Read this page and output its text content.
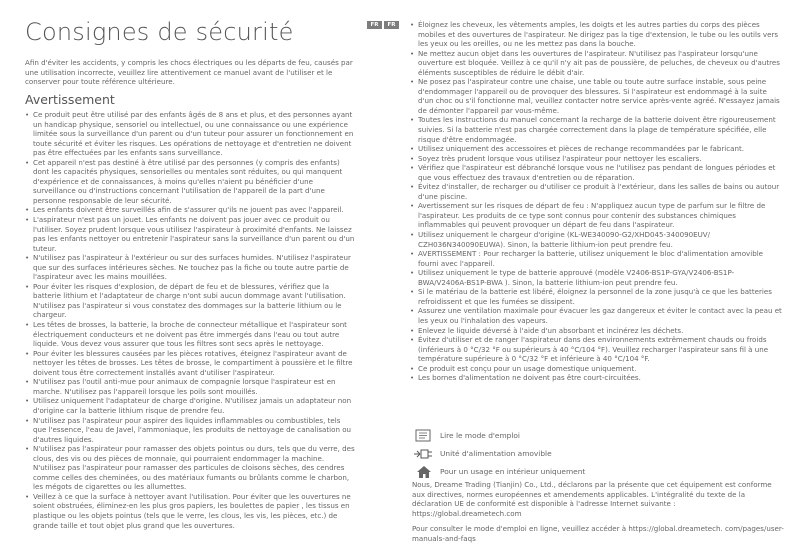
Consignes de sécurité

Afin d'éviter les accidents, y compris les chocs électriques ou les départs de feu, causés par une utilisation incorrecte, veuillez lire attentivement ce manuel avant de l'utiliser et le conserver pour toute référence ultérieure.

Avertissement
• Ce produit peut être utilisé par des enfants âgés de 8 ans et plus, et des personnes ayant un handicap physique, sensoriel ou intellectuel, ou une connaissance ou une expérience limitée sous la surveillance d'un parent ou d'un tuteur pour assurer un fonctionnement en toute sécurité et éviter les risques. Les opérations de nettoyage et d'entretien ne doivent pas être effectuées par les enfants sans surveillance.
• Cet appareil n'est pas destiné à être utilisé par des personnes (y compris des enfants) dont les capacités physiques, sensorielles ou mentales sont réduites, ou qui manquent d'expérience et de connaissances, à moins qu'elles n'aient pu bénéficier d'une surveillance ou d'instructions concernant l'utilisation de l'appareil de la part d'une personne responsable de leur sécurité.
• Les enfants doivent être surveillés afin de s'assurer qu'ils ne jouent pas avec l'appareil.
• L'aspirateur n'est pas un jouet. Les enfants ne doivent pas jouer avec ce produit ou l'utiliser. Soyez prudent lorsque vous utilisez l'aspirateur à proximité d'enfants. Ne laissez pas les enfants nettoyer ou entretenir l'aspirateur sans la surveillance d'un parent ou d'un tuteur.
• N'utilisez pas l'aspirateur à l'extérieur ou sur des surfaces humides. N'utilisez l'aspirateur que sur des surfaces intérieures sèches. Ne touchez pas la fiche ou toute autre partie de l'aspirateur avec les mains mouillées.
• Pour éviter les risques d'explosion, de départ de feu et de blessures, vérifiez que la batterie lithium et l'adaptateur de charge n'ont subi aucun dommage avant l'utilisation. N'utilisez pas l'aspirateur si vous constatez des dommages sur la batterie lithium ou le chargeur.
• Les têtes de brosses, la batterie, la broche de connecteur métallique et l'aspirateur sont électriquement conducteurs et ne doivent pas être immergés dans l'eau ou tout autre liquide. Vous devez vous assurer que tous les filtres sont secs après le nettoyage.
• Pour éviter les blessures causées par les pièces rotatives, éteignez l'aspirateur avant de nettoyer les têtes de brosses. Les têtes de brosse, le compartiment à poussière et le filtre doivent tous être correctement installés avant d'utiliser l'aspirateur.
• N'utilisez pas l'outil anti-mue pour animaux de compagnie lorsque l'aspirateur est en marche. N'utilisez pas l'appareil lorsque les poils sont mouillés.
• Utilisez uniquement l'adaptateur de charge d'origine. N'utilisez jamais un adaptateur non d'origine car la batterie lithium risque de prendre feu.
• N'utilisez pas l'aspirateur pour aspirer des liquides inflammables ou combustibles, tels que l'essence, l'eau de Javel, l'ammoniaque, les produits de nettoyage de canalisation ou d'autres liquides.
• N'utilisez pas l'aspirateur pour ramasser des objets pointus ou durs, tels que du verre, des clous, des vis ou des pièces de monnaie, qui pourraient endommager la machine. N'utilisez pas l'aspirateur pour ramasser des particules de cloisons sèches, des cendres comme celles des cheminées, ou des matériaux fumants ou brûlants comme le charbon, les mégots de cigarettes ou les allumettes.
• Veillez à ce que la surface à nettoyer avant l'utilisation. Pour éviter que les ouvertures ne soient obstruées, éliminez-en les plus gros papiers, les boulettes de papier , les tissus en plastique ou les objets pointus (tels que le verre, les clous, les vis, les pièces, etc.) de grande taille et tout objet plus grand que les ouvertures.
FR	FR
•	Éloignez les cheveux, les vêtements amples, les doigts et les autres parties du corps des pièces mobiles et des ouvertures de l'aspirateur. Ne dirigez pas la tige d'extension, le tube ou les outils vers les yeux ou les oreilles, ou ne les mettez pas dans la bouche.
• Ne mettez aucun objet dans les ouvertures de l'aspirateur. N'utilisez pas l'aspirateur lorsqu'une ouverture est bloquée. Veillez à ce qu'il n'y ait pas de poussière, de peluches, de cheveux ou d'autres éléments susceptibles de réduire le débit d'air.
• Ne posez pas l'aspirateur contre une chaise, une table ou toute autre surface instable, sous peine d'endommager l'appareil ou de provoquer des blessures. Si l'aspirateur est endommagé à la suite d'un choc ou s'il fonctionne mal, veuillez contacter notre service après-vente agréé. N'essayez jamais de démonter l'appareil par vous-même.
• Toutes les instructions du manuel concernant la recharge de la batterie doivent être rigoureusement suivies. Si la batterie n'est pas chargée correctement dans la plage de température spécifiée, elle risque d'être endommagée.
• Utilisez uniquement des accessoires et pièces de rechange recommandées par le fabricant.
• Soyez très prudent lorsque vous utilisez l'aspirateur pour nettoyer les escaliers.
• Vérifiez que l'aspirateur est débranché lorsque vous ne l'utilisez pas pendant de longues périodes et que vous effectuez des travaux d'entretien ou de réparation.
• Évitez d'installer, de recharger ou d'utiliser ce produit à l'extérieur, dans les salles de bains ou autour d'une piscine.
• Avertissement sur les risques de départ de feu : N'appliquez aucun type de parfum sur le filtre de l'aspirateur. Les produits de ce type sont connus pour contenir des substances chimiques inflammables qui peuvent provoquer un départ de feu dans l'aspirateur.
• Utilisez uniquement le chargeur d'origine (KL-WE340090-G2/XHD045-340090EUV/ CZH036N340090EUWA). Sinon, la batterie lithium-ion peut prendre feu.
• AVERTISSEMENT : Pour recharger la batterie, utilisez uniquement le bloc d'alimentation amovible fourni avec l'appareil.
• Utilisez uniquement le type de batterie approuvé (modèle V2406-BS1P-GYA/V2406-BS1P-BWA/V2406A-BS1P-BWA ). Sinon, la batterie lithium-ion peut prendre feu.
• Si le matériau de la batterie est libéré, éloignez la personnel de la zone jusqu'à ce que les batteries refroidissent et que les fumées se dissipent.
• Assurez une ventilation maximale pour évacuer les gaz dangereux et éviter le contact avec la peau et les yeux ou l'inhalation des vapeurs.
• Enlevez le liquide déversé à l'aide d'un absorbant et incinérez les déchets.
• Évitez d'utiliser et de ranger l'aspirateur dans des environnements extrêmement chauds ou froids (inférieurs à 0 °C/32 °F ou supérieurs à 40 °C/104 °F). Veuillez recharger l'aspirateur sans fil à une température supérieure à 0 °C/32 °F et inférieure à 40 °C/104 °F.
• Ce produit est conçu pour un usage domestique uniquement.
• Les bornes d'alimentation ne doivent pas être court-circuitées.
Lire le mode d'emploi
Unité d'alimentation amovible
Pour un usage en intérieur uniquement

Nous, Dreame Trading (Tianjin) Co., Ltd., déclarons par la présente que cet équipement est conforme aux directives, normes européennes et amendements applicables. L'intégralité du texte de la déclaration UE de conformité est disponible à l'adresse Internet suivante : https://global.dreametech.com

Pour consulter le mode d'emploi en ligne, veuillez accéder à https://global.dreametech. com/pages/user-manuals-and-faqs
